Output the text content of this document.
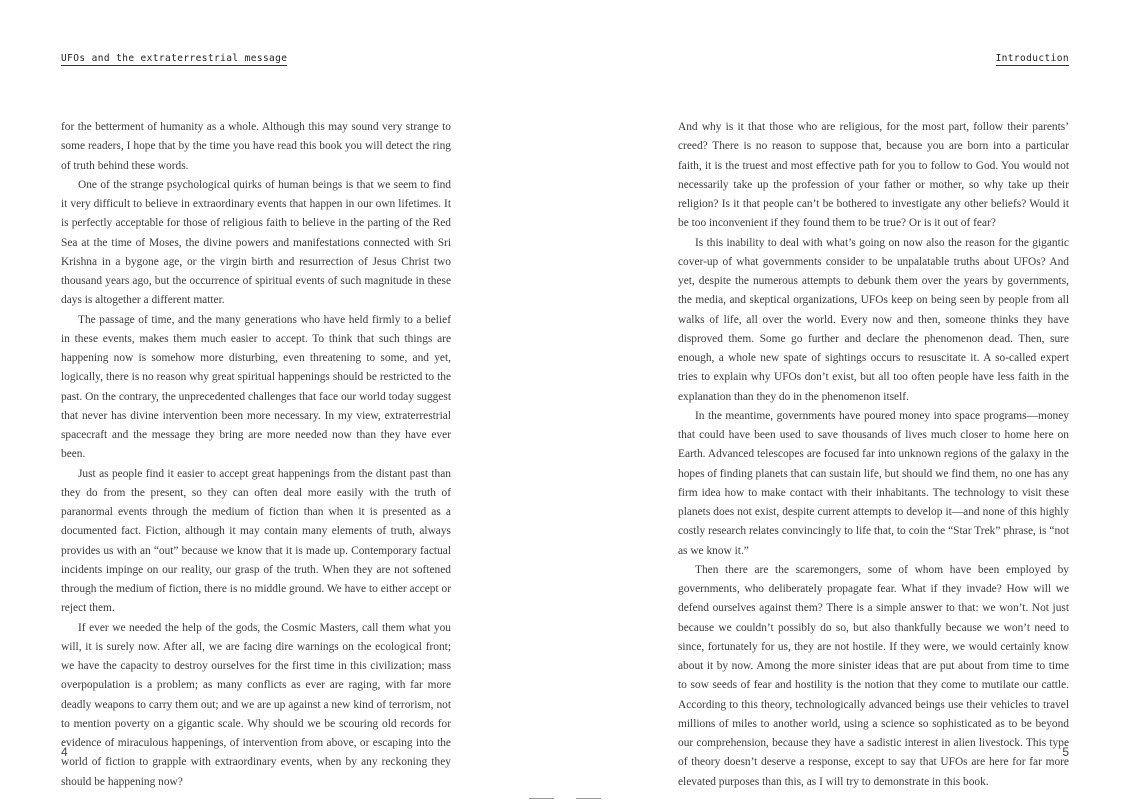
UFOs and the extraterrestrial message

for the betterment of humanity as a whole. Although this may sound very strange to some readers, I hope that by the time you have read this book you will detect the ring of truth behind these words.

One of the strange psychological quirks of human beings is that we seem to find it very difficult to believe in extraordinary events that happen in our own lifetimes. It is perfectly acceptable for those of religious faith to believe in the parting of the Red Sea at the time of Moses, the divine powers and manifestations connected with Sri Krishna in a bygone age, or the virgin birth and resurrection of Jesus Christ two thousand years ago, but the occurrence of spiritual events of such magnitude in these days is altogether a different matter.

The passage of time, and the many generations who have held firmly to a belief in these events, makes them much easier to accept. To think that such things are happening now is somehow more disturbing, even threatening to some, and yet, logically, there is no reason why great spiritual happenings should be restricted to the past. On the contrary, the unprecedented challenges that face our world today suggest that never has divine intervention been more necessary. In my view, extraterrestrial spacecraft and the message they bring are more needed now than they have ever been.

Just as people find it easier to accept great happenings from the distant past than they do from the present, so they can often deal more easily with the truth of paranormal events through the medium of fiction than when it is presented as a documented fact. Fiction, although it may contain many elements of truth, always provides us with an “out” because we know that it is made up. Contemporary factual incidents impinge on our reality, our grasp of the truth. When they are not softened through the medium of fiction, there is no middle ground. We have to either accept or reject them.

If ever we needed the help of the gods, the Cosmic Masters, call them what you will, it is surely now. After all, we are facing dire warnings on the ecological front; we have the capacity to destroy ourselves for the first time in this civilization; mass overpopulation is a problem; as many conflicts as ever are raging, with far more deadly weapons to carry them out; and we are up against a new kind of terrorism, not to mention poverty on a gigantic scale. Why should we be scouring old records for evidence of miraculous happenings, of intervention from above, or escaping into the world of fiction to grapple with extraordinary events, when by any reckoning they should be happening now?

4
Introduction

And why is it that those who are religious, for the most part, follow their parents’ creed? There is no reason to suppose that, because you are born into a particular faith, it is the truest and most effective path for you to follow to God. You would not necessarily take up the profession of your father or mother, so why take up their religion? Is it that people can’t be bothered to investigate any other beliefs? Would it be too inconvenient if they found them to be true? Or is it out of fear?

Is this inability to deal with what’s going on now also the reason for the gigantic cover-up of what governments consider to be unpalatable truths about UFOs? And yet, despite the numerous attempts to debunk them over the years by governments, the media, and skeptical organizations, UFOs keep on being seen by people from all walks of life, all over the world. Every now and then, someone thinks they have disproved them. Some go further and declare the phenomenon dead. Then, sure enough, a whole new spate of sightings occurs to resuscitate it. A so-called expert tries to explain why UFOs don’t exist, but all too often people have less faith in the explanation than they do in the phenomenon itself.

In the meantime, governments have poured money into space programs—money that could have been used to save thousands of lives much closer to home here on Earth. Advanced telescopes are focused far into unknown regions of the galaxy in the hopes of finding planets that can sustain life, but should we find them, no one has any firm idea how to make contact with their inhabitants. The technology to visit these planets does not exist, despite current attempts to develop it—and none of this highly costly research relates convincingly to life that, to coin the “Star Trek” phrase, is “not as we know it.”

Then there are the scaremongers, some of whom have been employed by governments, who deliberately propagate fear. What if they invade? How will we defend ourselves against them? There is a simple answer to that: we won’t. Not just because we couldn’t possibly do so, but also thankfully because we won’t need to since, fortunately for us, they are not hostile. If they were, we would certainly know about it by now. Among the more sinister ideas that are put about from time to time to sow seeds of fear and hostility is the notion that they come to mutilate our cattle. According to this theory, technologically advanced beings use their vehicles to travel millions of miles to another world, using a science so sophisticated as to be beyond our comprehension, because they have a sadistic interest in alien livestock. This type of theory doesn’t deserve a response, except to say that UFOs are here for far more elevated purposes than this, as I will try to demonstrate in this book.

5
